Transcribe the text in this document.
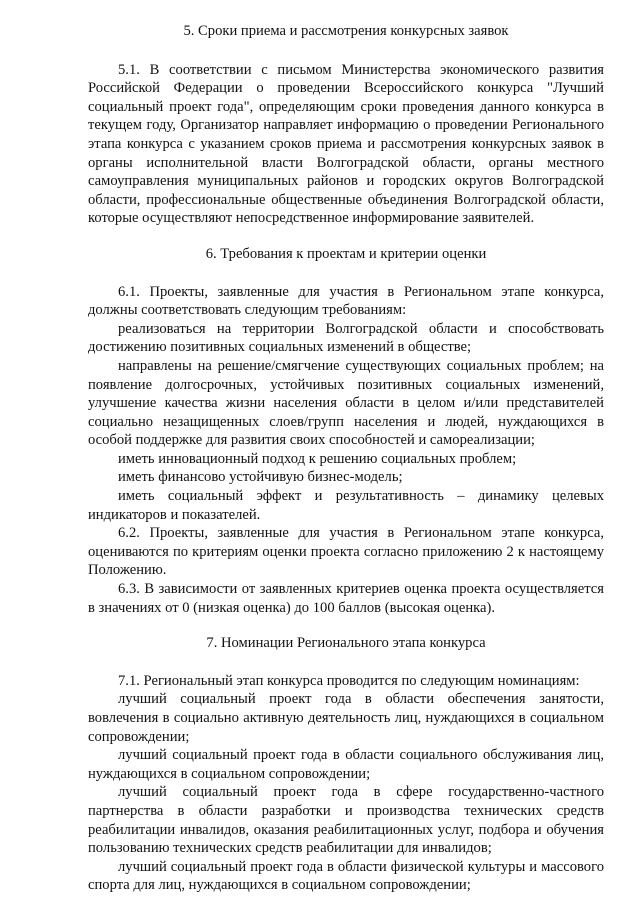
5. Сроки приема и рассмотрения конкурсных заявок

5.1. В соответствии с письмом Министерства экономического развития Российской Федерации о проведении Всероссийского конкурса "Лучший социальный проект года", определяющим сроки проведения данного конкурса в текущем году, Организатор направляет информацию о проведении Регионального этапа конкурса с указанием сроков приема и рассмотрения конкурсных заявок в органы исполнительной власти Волгоградской области, органы местного самоуправления муниципальных районов и городских округов Волгоградской области, профессиональные общественные объединения Волгоградской области, которые осуществляют непосредственное информирование заявителей.

6. Требования к проектам и критерии оценки

6.1. Проекты, заявленные для участия в Региональном этапе конкурса, должны соответствовать следующим требованиям:

реализоваться на территории Волгоградской области и способствовать достижению позитивных социальных изменений в обществе;

направлены на решение/смягчение существующих социальных проблем; на появление долгосрочных, устойчивых позитивных социальных изменений, улучшение качества жизни населения области в целом и/или представителей социально незащищенных слоев/групп населения и людей, нуждающихся в особой поддержке для развития своих способностей и самореализации;

иметь инновационный подход к решению социальных проблем;

иметь финансово устойчивую бизнес-модель;

иметь социальный эффект и результативность – динамику целевых индикаторов и показателей.

6.2. Проекты, заявленные для участия в Региональном этапе конкурса, оцениваются по критериям оценки проекта согласно приложению 2 к настоящему Положению.

6.3. В зависимости от заявленных критериев оценка проекта осуществляется в значениях от 0 (низкая оценка) до 100 баллов (высокая оценка).

7. Номинации Регионального этапа конкурса

7.1. Региональный этап конкурса проводится по следующим номинациям:

лучший социальный проект года в области обеспечения занятости, вовлечения в социально активную деятельность лиц, нуждающихся в социальном сопровождении;

лучший социальный проект года в области социального обслуживания лиц, нуждающихся в социальном сопровождении;

лучший социальный проект года в сфере государственно-частного партнерства в области разработки и производства технических средств реабилитации инвалидов, оказания реабилитационных услуг, подбора и обучения пользованию технических средств реабилитации для инвалидов;

лучший социальный проект года в области физической культуры и массового спорта для лиц, нуждающихся в социальном сопровождении;
